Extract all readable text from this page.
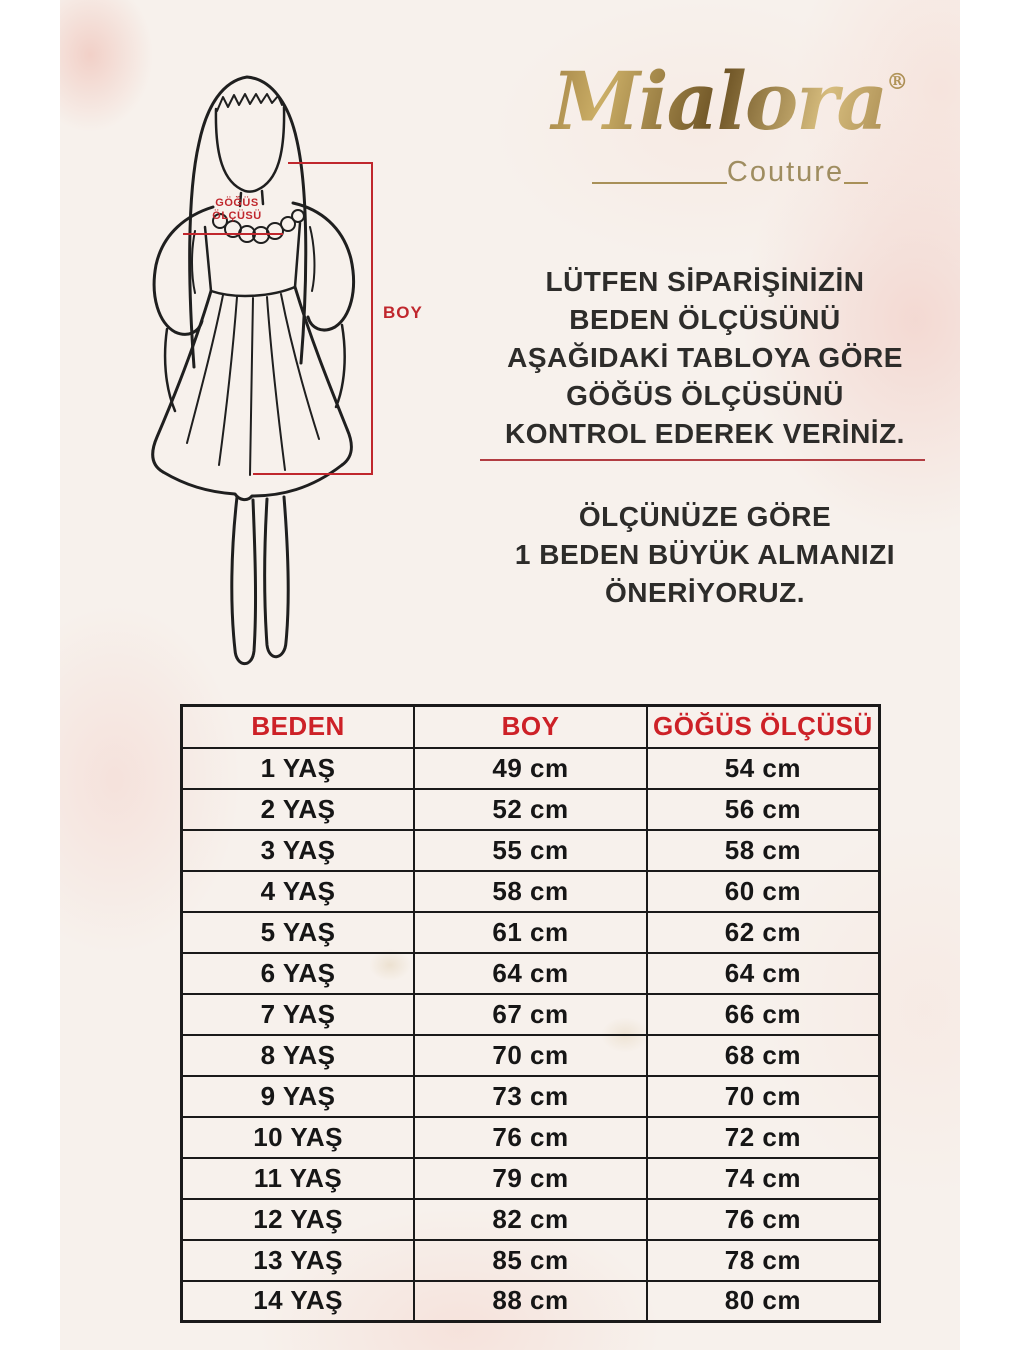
GÖĞÜS
ÖLÇÜSÜ
BOY
Mialora®
Couture
LÜTFEN SİPARİŞİNİZİN
BEDEN ÖLÇÜSÜNÜ
AŞAĞIDAKİ TABLOYA GÖRE
GÖĞÜS ÖLÇÜSÜNÜ
KONTROL EDEREK VERİNİZ.
ÖLÇÜNÜZE GÖRE
1 BEDEN BÜYÜK ALMANIZI
ÖNERİYORUZ.
BEDEN	BOY	GÖĞÜS ÖLÇÜSÜ
1 YAŞ	49 cm	54 cm
2 YAŞ	52 cm	56 cm
3 YAŞ	55 cm	58 cm
4 YAŞ	58 cm	60 cm
5 YAŞ	61 cm	62 cm
6 YAŞ	64 cm	64 cm
7 YAŞ	67 cm	66 cm
8 YAŞ	70 cm	68 cm
9 YAŞ	73 cm	70 cm
10 YAŞ	76 cm	72 cm
11 YAŞ	79 cm	74 cm
12 YAŞ	82 cm	76 cm
13 YAŞ	85 cm	78 cm
14 YAŞ	88 cm	80 cm
